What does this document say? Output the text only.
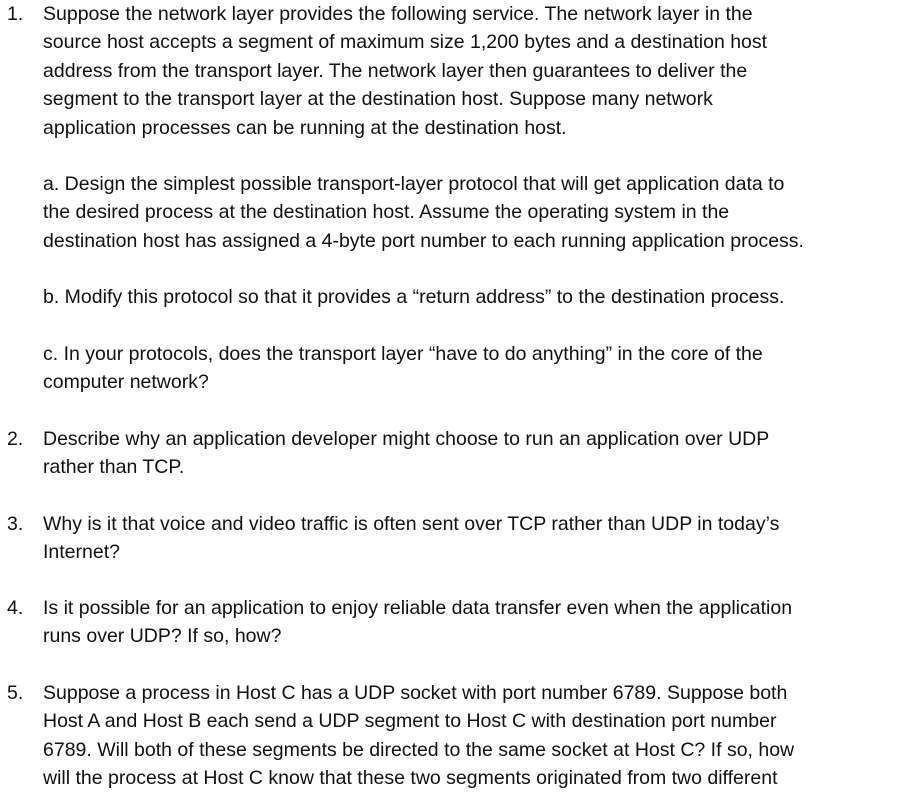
1. Suppose the network layer provides the following service. The network layer in the
source host accepts a segment of maximum size 1,200 bytes and a destination host
address from the transport layer. The network layer then guarantees to deliver the
segment to the transport layer at the destination host. Suppose many network
application processes can be running at the destination host.
a. Design the simplest possible transport-layer protocol that will get application data to
the desired process at the destination host. Assume the operating system in the
destination host has assigned a 4-byte port number to each running application process.
b. Modify this protocol so that it provides a “return address” to the destination process.
c. In your protocols, does the transport layer “have to do anything” in the core of the
computer network?
2. Describe why an application developer might choose to run an application over UDP
rather than TCP.
3. Why is it that voice and video traffic is often sent over TCP rather than UDP in today’s
Internet?
4. Is it possible for an application to enjoy reliable data transfer even when the application
runs over UDP? If so, how?
5. Suppose a process in Host C has a UDP socket with port number 6789. Suppose both
Host A and Host B each send a UDP segment to Host C with destination port number
6789. Will both of these segments be directed to the same socket at Host C? If so, how
will the process at Host C know that these two segments originated from two different
